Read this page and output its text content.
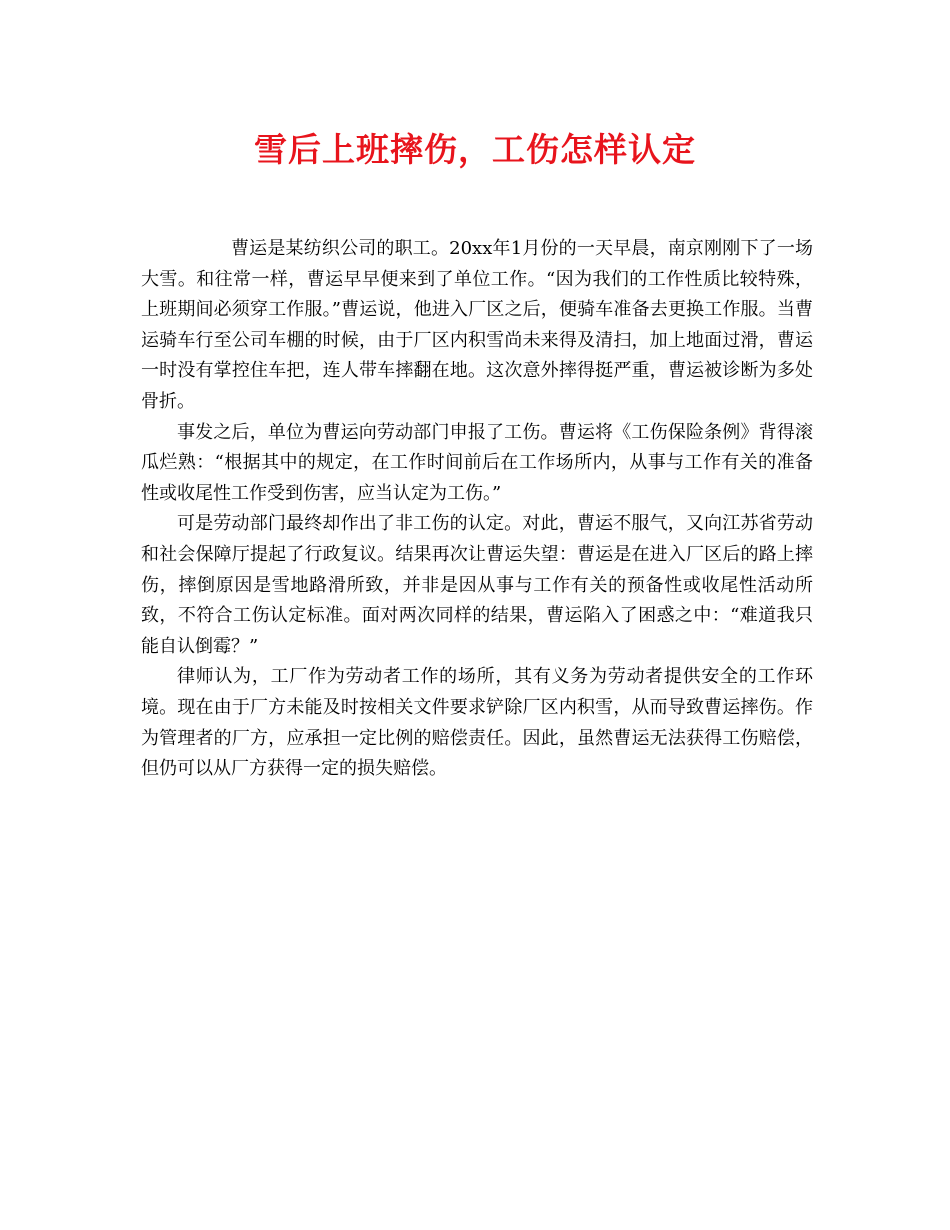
雪后上班摔伤，工伤怎样认定

曹运是某纺织公司的职工。20xx年1月份的一天早晨，南京刚刚下了一场大雪。和往常一样，曹运早早便来到了单位工作。“因为我们的工作性质比较特殊，上班期间必须穿工作服。”曹运说，他进入厂区之后，便骑车准备去更换工作服。当曹运骑车行至公司车棚的时候，由于厂区内积雪尚未来得及清扫，加上地面过滑，曹运一时没有掌控住车把，连人带车摔翻在地。这次意外摔得挺严重，曹运被诊断为多处骨折。

事发之后，单位为曹运向劳动部门申报了工伤。曹运将《工伤保险条例》背得滚瓜烂熟：“根据其中的规定，在工作时间前后在工作场所内，从事与工作有关的准备性或收尾性工作受到伤害，应当认定为工伤。”

可是劳动部门最终却作出了非工伤的认定。对此，曹运不服气，又向江苏省劳动和社会保障厅提起了行政复议。结果再次让曹运失望：曹运是在进入厂区后的路上摔伤，摔倒原因是雪地路滑所致，并非是因从事与工作有关的预备性或收尾性活动所致，不符合工伤认定标准。面对两次同样的结果，曹运陷入了困惑之中：“难道我只能自认倒霉？”

律师认为，工厂作为劳动者工作的场所，其有义务为劳动者提供安全的工作环境。现在由于厂方未能及时按相关文件要求铲除厂区内积雪，从而导致曹运摔伤。作为管理者的厂方，应承担一定比例的赔偿责任。因此，虽然曹运无法获得工伤赔偿，但仍可以从厂方获得一定的损失赔偿。
